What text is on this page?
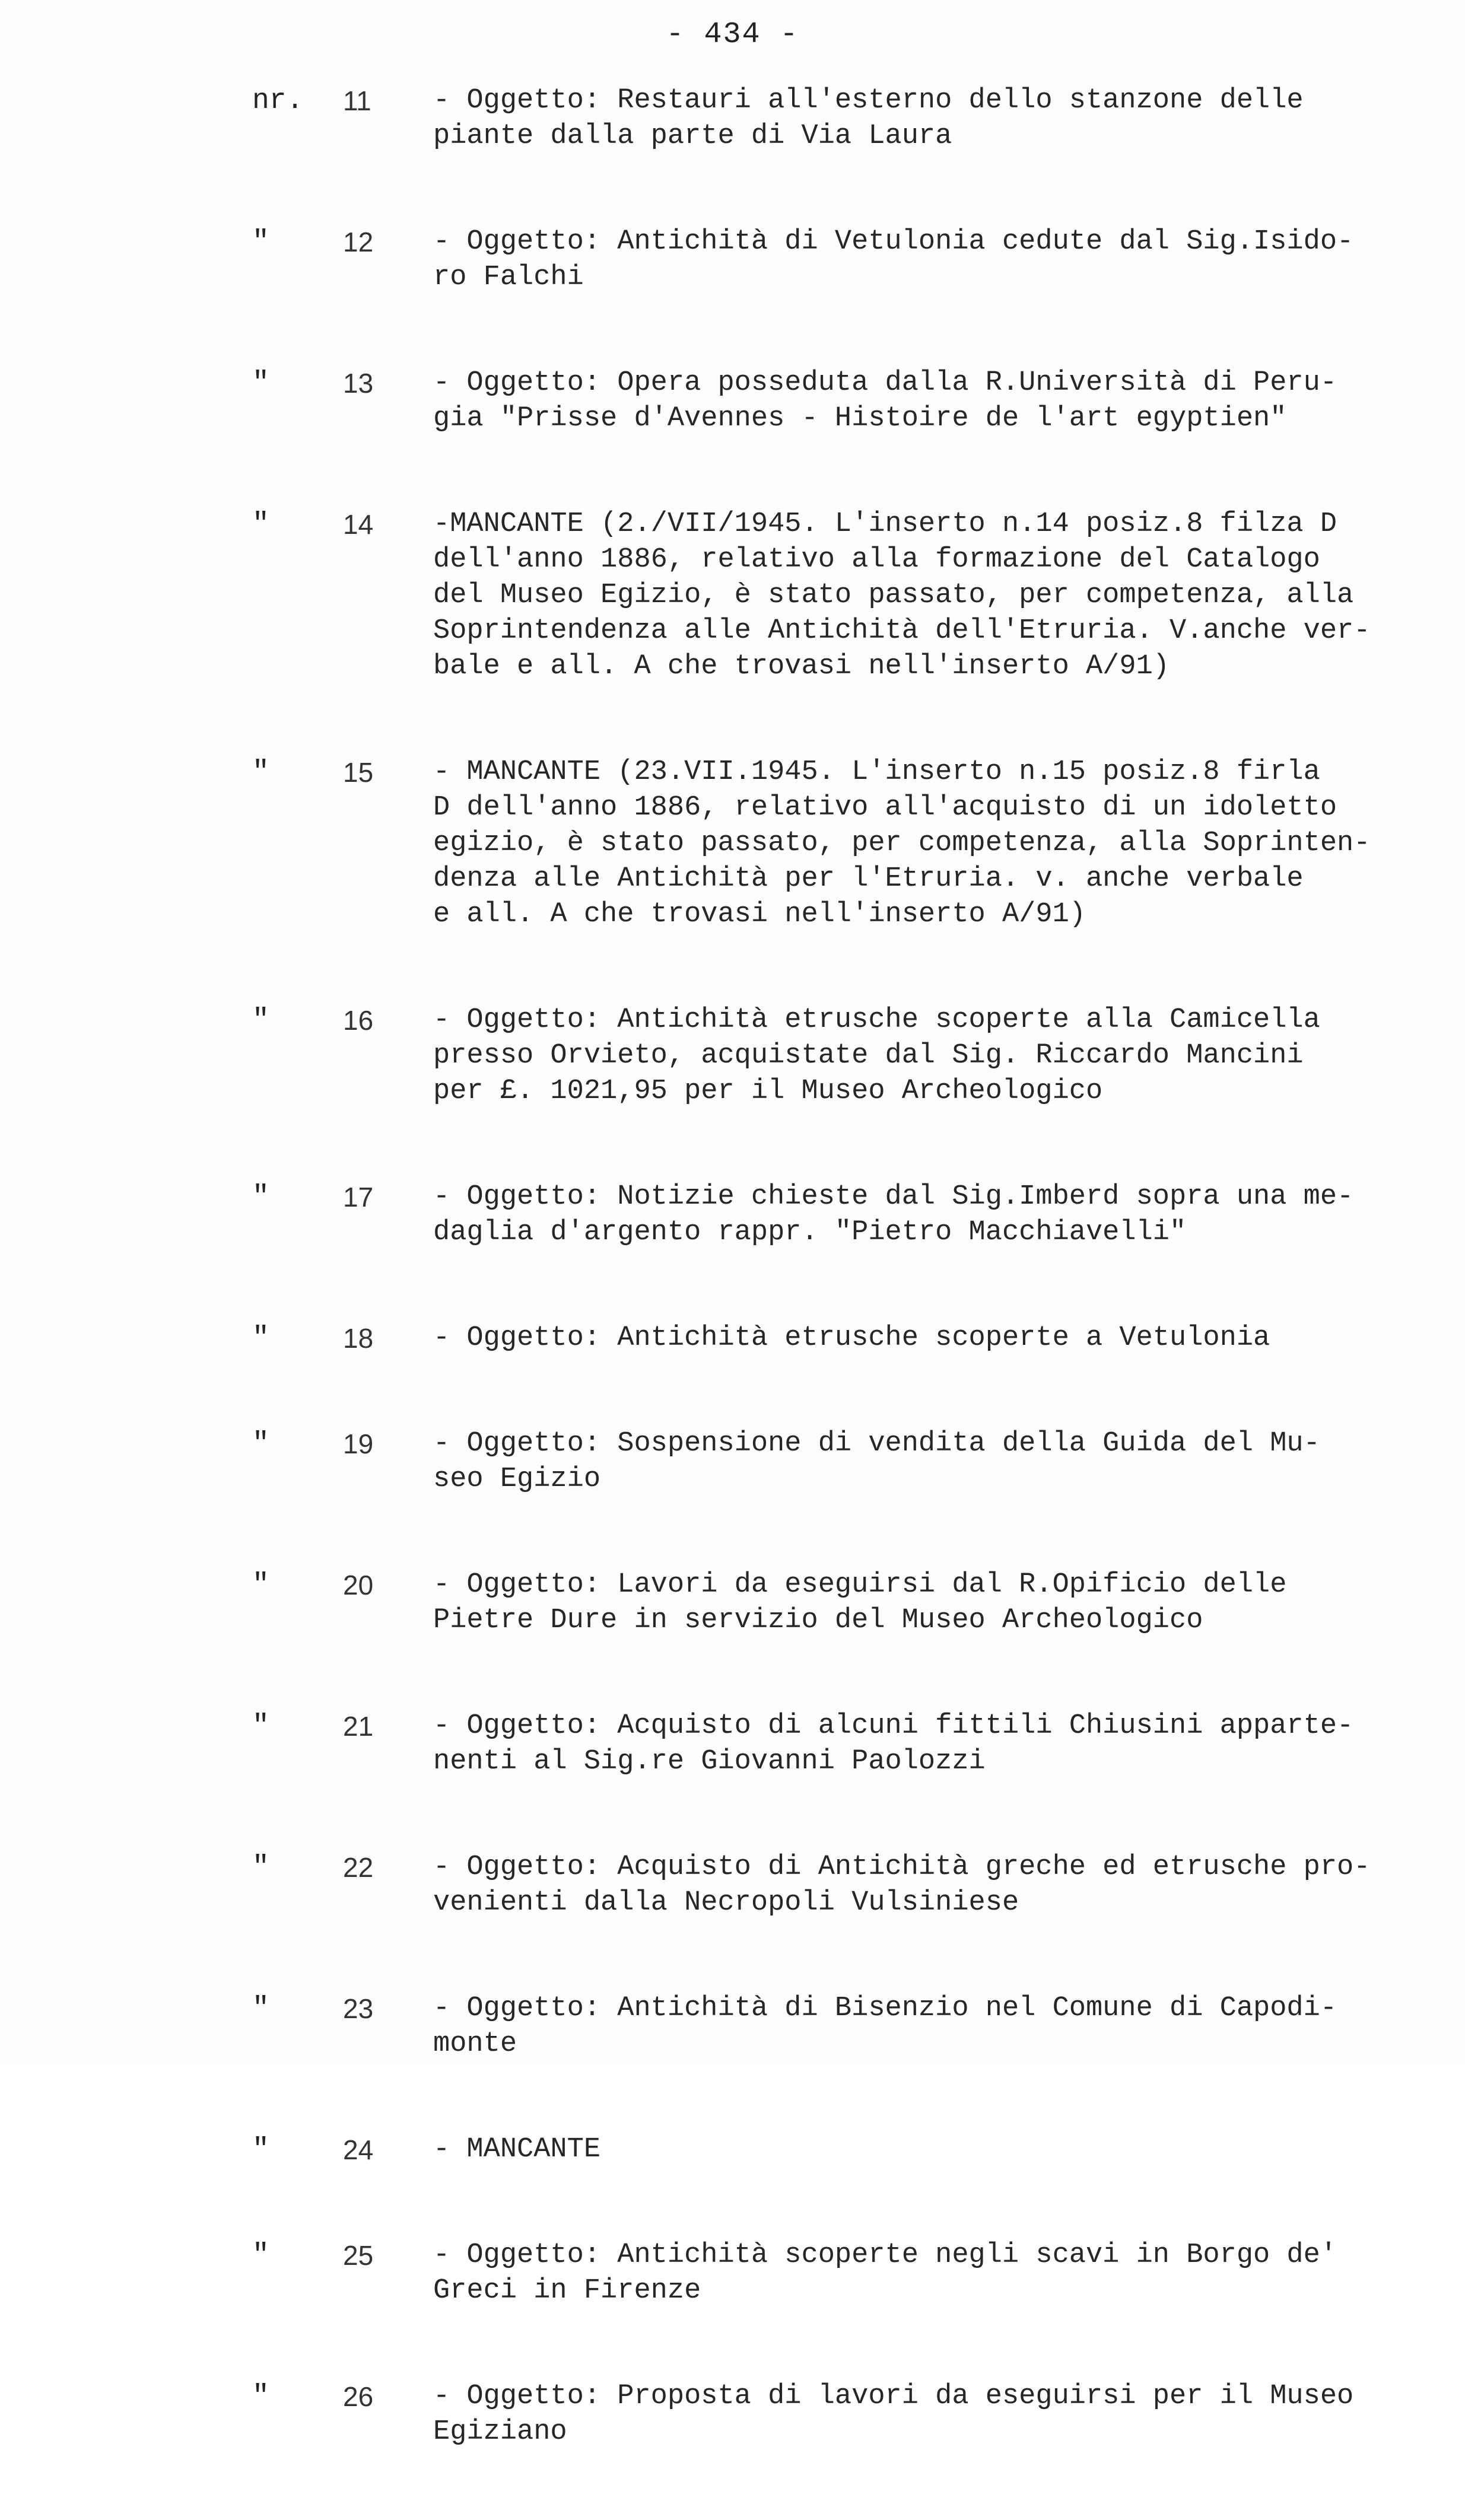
- 434 -
nr. 11	- Oggetto: Restauri all'esterno dello stanzone delle
piante dalla parte di Via Laura
"	12	- Oggetto: Antichità di Vetulonia cedute dal Sig.Isido-
ro Falchi
"	13	- Oggetto: Opera posseduta dalla R.Università di Peru-
gia "Prisse d'Avennes - Histoire de l'art egyptien"
"	14	-MANCANTE (2./VII/1945. L'inserto n.14 posiz.8 filza D
dell'anno 1886, relativo alla formazione del Catalogo
del Museo Egizio, è stato passato, per competenza, alla
Soprintendenza alle Antichità dell'Etruria. V.anche ver-
bale e all. A che trovasi nell'inserto A/91)
"	15	- MANCANTE (23.VII.1945. L'inserto n.15 posiz.8 firla
D dell'anno 1886, relativo all'acquisto di un idoletto
egizio, è stato passato, per competenza, alla Soprinten-
denza alle Antichità per l'Etruria. v. anche verbale
e all. A che trovasi nell'inserto A/91)
"	16	- Oggetto: Antichità etrusche scoperte alla Camicella
presso Orvieto, acquistate dal Sig. Riccardo Mancini
per £. 1021,95 per il Museo Archeologico
"	17	- Oggetto: Notizie chieste dal Sig.Imberd sopra una me-
daglia d'argento rappr. "Pietro Macchiavelli"
"	18	- Oggetto: Antichità etrusche scoperte a Vetulonia
"	19	- Oggetto: Sospensione di vendita della Guida del Mu-
seo Egizio
"	20	- Oggetto: Lavori da eseguirsi dal R.Opificio delle
Pietre Dure in servizio del Museo Archeologico
"	21	- Oggetto: Acquisto di alcuni fittili Chiusini apparte-
nenti al Sig.re Giovanni Paolozzi
"	22	- Oggetto: Acquisto di Antichità greche ed etrusche pro-
venienti dalla Necropoli Vulsiniese
"	23	- Oggetto: Antichità di Bisenzio nel Comune di Capodi-
monte
"	24	- MANCANTE
"	25	- Oggetto: Antichità scoperte negli scavi in Borgo de'
Greci in Firenze
"	26	- Oggetto: Proposta di lavori da eseguirsi per il Museo
Egiziano
